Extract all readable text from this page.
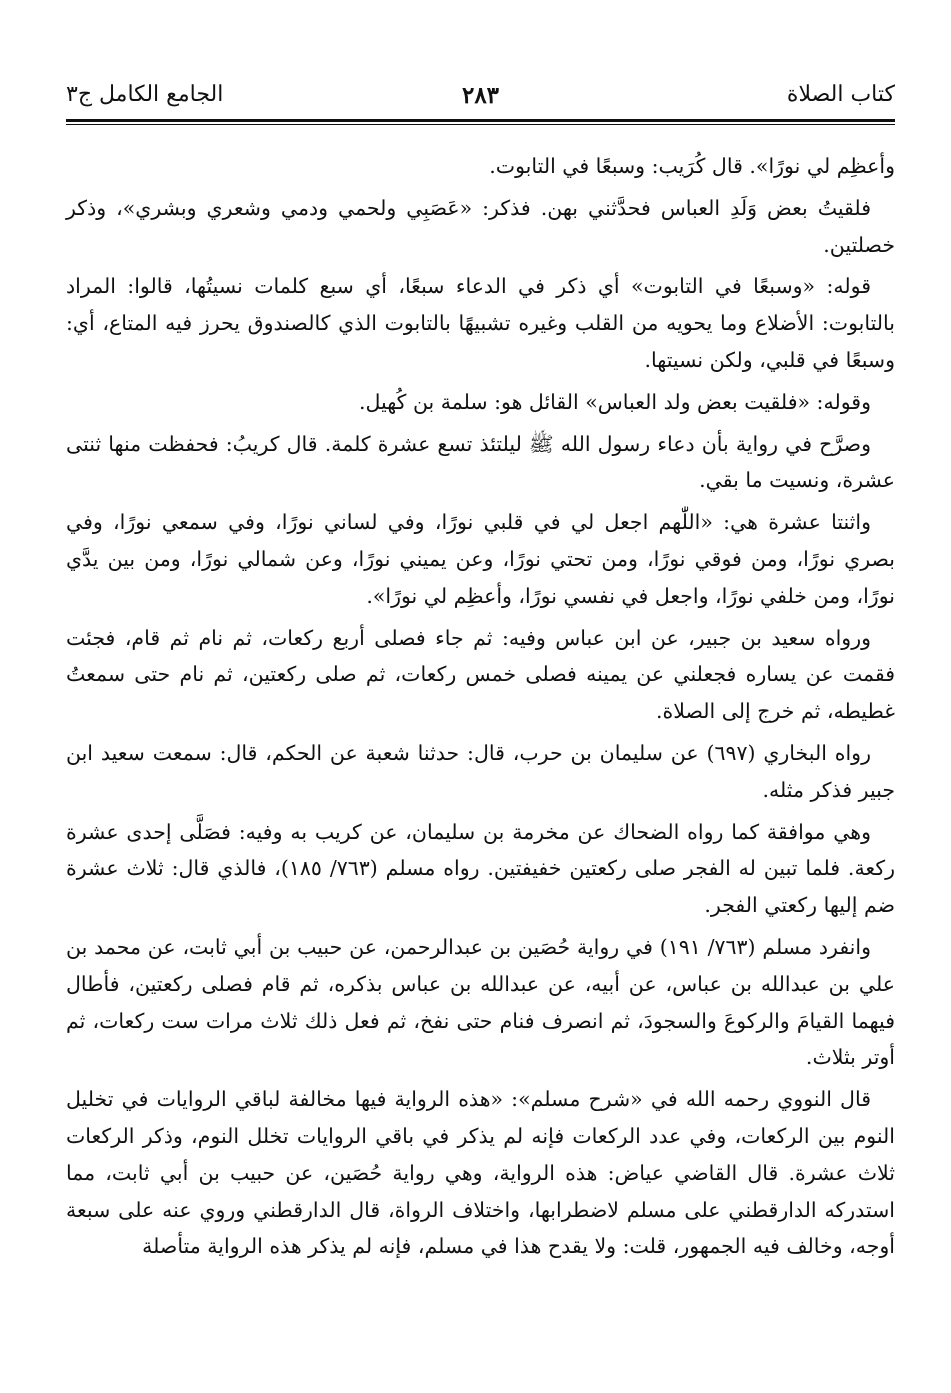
كتاب الصلاة
٢٨٣
الجامع الكامل ج٣

وأعظِم لي نورًا». قال كُرَيب: وسبعًا في التابوت.

فلقيتُ بعض وَلَدِ العباس فحدَّثني بهن. فذكر: «عَصَبِي ولحمي ودمي وشعري وبشري»، وذكر خصلتين.

قوله: «وسبعًا في التابوت» أي ذكر في الدعاء سبعًا، أي سبع كلمات نسيتُها، قالوا: المراد بالتابوت: الأضلاع وما يحويه من القلب وغيره تشبيهًا بالتابوت الذي كالصندوق يحرز فيه المتاع، أي: وسبعًا في قلبي، ولكن نسيتها.

وقوله: «فلقيت بعض ولد العباس» القائل هو: سلمة بن كُهيل.

وصرَّح في رواية بأن دعاء رسول الله ﷺ ليلتئذ تسع عشرة كلمة. قال كريبُ: فحفظت منها ثنتى عشرة، ونسيت ما بقي.

واثنتا عشرة هي: «اللّٰهم اجعل لي في قلبي نورًا، وفي لساني نورًا، وفي سمعي نورًا، وفي بصري نورًا، ومن فوقي نورًا، ومن تحتي نورًا، وعن يميني نورًا، وعن شمالي نورًا، ومن بين يدَّي نورًا، ومن خلفي نورًا، واجعل في نفسي نورًا، وأعظِم لي نورًا».

ورواه سعيد بن جبير، عن ابن عباس وفيه: ثم جاء فصلى أربع ركعات، ثم نام ثم قام، فجئت فقمت عن يساره فجعلني عن يمينه فصلى خمس ركعات، ثم صلى ركعتين، ثم نام حتى سمعتُ غطيطه، ثم خرج إلى الصلاة.

رواه البخاري (٦٩٧) عن سليمان بن حرب، قال: حدثنا شعبة عن الحكم، قال: سمعت سعيد ابن جبير فذكر مثله.

وهي موافقة كما رواه الضحاك عن مخرمة بن سليمان، عن كريب به وفيه: فصَلَّى إحدى عشرة ركعة. فلما تبين له الفجر صلى ركعتين خفيفتين. رواه مسلم (٧٦٣/ ١٨٥)، فالذي قال: ثلاث عشرة ضم إليها ركعتي الفجر.

وانفرد مسلم (٧٦٣/ ١٩١) في رواية حُصَين بن عبدالرحمن، عن حبيب بن أبي ثابت، عن محمد بن علي بن عبدالله بن عباس، عن أبيه، عن عبدالله بن عباس بذكره، ثم قام فصلى ركعتين، فأطال فيهما القيامَ والركوعَ والسجودَ، ثم انصرف فنام حتى نفخ، ثم فعل ذلك ثلاث مرات ست ركعات، ثم أوتر بثلاث.

قال النووي رحمه الله في «شرح مسلم»: «هذه الرواية فيها مخالفة لباقي الروايات في تخليل النوم بين الركعات، وفي عدد الركعات فإنه لم يذكر في باقي الروايات تخلل النوم، وذكر الركعات ثلاث عشرة. قال القاضي عياض: هذه الرواية، وهي رواية حُصَين، عن حبيب بن أبي ثابت، مما استدركه الدارقطني على مسلم لاضطرابها، واختلاف الرواة، قال الدارقطني وروي عنه على سبعة أوجه، وخالف فيه الجمهور، قلت: ولا يقدح هذا في مسلم، فإنه لم يذكر هذه الرواية متأصلة
